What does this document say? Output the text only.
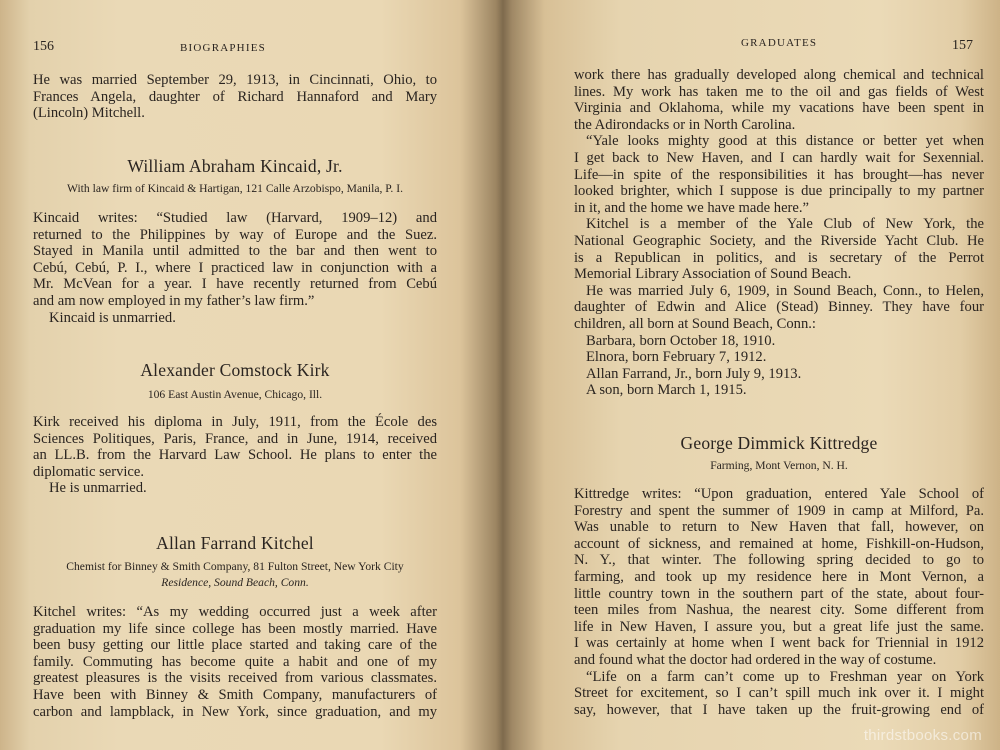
156	BIOGRAPHIES
He was married September 29, 1913, in Cincinnati, Ohio, to
Frances Angela, daughter of Richard Hannaford and Mary
(Lincoln) Mitchell.
William Abraham Kincaid, Jr.
With law firm of Kincaid & Hartigan, 121 Calle Arzobispo, Manila, P. I.
Kincaid writes: “Studied law (Harvard, 1909–12) and
returned to the Philippines by way of Europe and the Suez.
Stayed in Manila until admitted to the bar and then went to
Cebú, Cebú, P. I., where I practiced law in conjunction with a
Mr. McVean for a year. I have recently returned from Cebú
and am now employed in my father’s law firm.”
Kincaid is unmarried.
Alexander Comstock Kirk
106 East Austin Avenue, Chicago, Ill.
Kirk received his diploma in July, 1911, from the École des
Sciences Politiques, Paris, France, and in June, 1914, received
an LL.B. from the Harvard Law School. He plans to enter the
diplomatic service.
He is unmarried.
Allan Farrand Kitchel
Chemist for Binney & Smith Company, 81 Fulton Street, New York City
Residence, Sound Beach, Conn.
Kitchel writes: “As my wedding occurred just a week after
graduation my life since college has been mostly married. Have
been busy getting our little place started and taking care of the
family. Commuting has become quite a habit and one of my
greatest pleasures is the visits received from various classmates.
Have been with Binney & Smith Company, manufacturers of
carbon and lampblack, in New York, since graduation, and my
GRADUATES	157
work there has gradually developed along chemical and technical
lines. My work has taken me to the oil and gas fields of West
Virginia and Oklahoma, while my vacations have been spent in
the Adirondacks or in North Carolina.
“Yale looks mighty good at this distance or better yet when
I get back to New Haven, and I can hardly wait for Sexennial.
Life—in spite of the responsibilities it has brought—has never
looked brighter, which I suppose is due principally to my partner
in it, and the home we have made here.”
Kitchel is a member of the Yale Club of New York, the
National Geographic Society, and the Riverside Yacht Club. He
is a Republican in politics, and is secretary of the Perrot
Memorial Library Association of Sound Beach.
He was married July 6, 1909, in Sound Beach, Conn., to Helen,
daughter of Edwin and Alice (Stead) Binney. They have four
children, all born at Sound Beach, Conn.:
Barbara, born October 18, 1910.
Elnora, born February 7, 1912.
Allan Farrand, Jr., born July 9, 1913.
A son, born March 1, 1915.
George Dimmick Kittredge
Farming, Mont Vernon, N. H.
Kittredge writes: “Upon graduation, entered Yale School of
Forestry and spent the summer of 1909 in camp at Milford, Pa.
Was unable to return to New Haven that fall, however, on
account of sickness, and remained at home, Fishkill-on-Hudson,
N. Y., that winter. The following spring decided to go to
farming, and took up my residence here in Mont Vernon, a
little country town in the southern part of the state, about four-
teen miles from Nashua, the nearest city. Some different from
life in New Haven, I assure you, but a great life just the same.
I was certainly at home when I went back for Triennial in 1912
and found what the doctor had ordered in the way of costume.
“Life on a farm can’t come up to Freshman year on York
Street for excitement, so I can’t spill much ink over it. I might
say, however, that I have taken up the fruit-growing end of
thirdstbooks.com
